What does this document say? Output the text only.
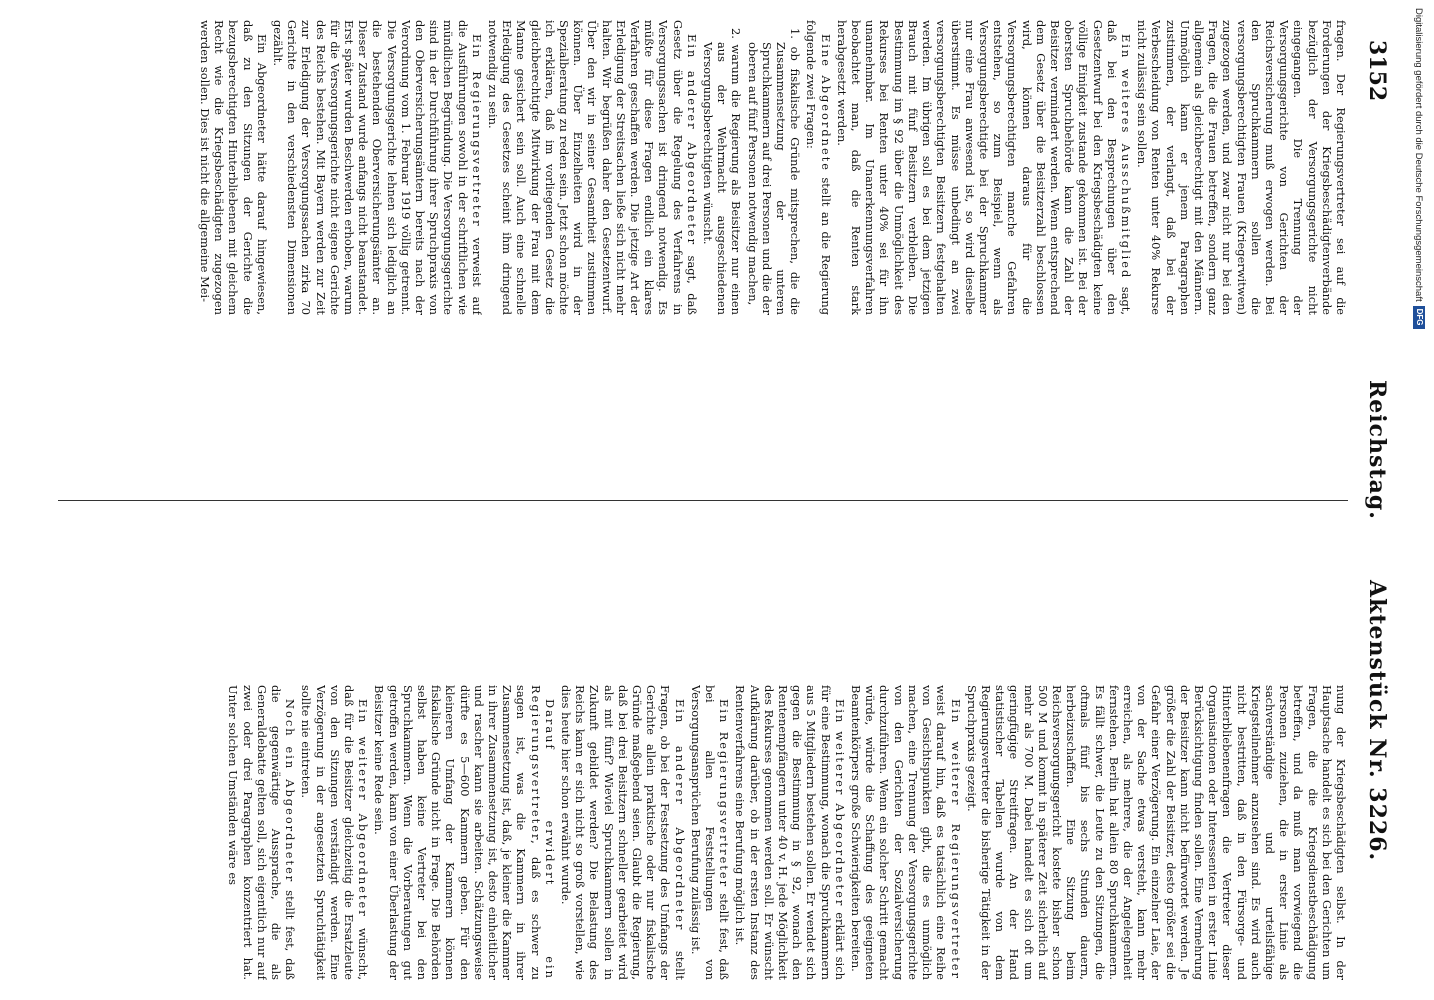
3152
Reichstag.
Aktenstück Nr. 3226.

fragen. Der Regierungsvertreter sei auf die Forderungen der Kriegsbeschädigtenverbände bezüglich der Versorgungsgerichte nicht eingegangen. Die Trennung der Versorgungsgerichte von Gerichten der Reichsversicherung muß erwogen werden. Bei den Spruchkammern sollen die versorgungsberechtigten Frauen (Kriegerwitwen) zugezogen werden, und zwar nicht nur bei den Fragen, die die Frauen betreffen, sondern ganz allgemein als gleichberechtigt mit den Männern. Unmöglich kann er jenem Paragraphen zustimmen, der verlangt, daß bei der Verbescheidung von Renten unter 40% Rekurse nicht zulässig sein sollen.

Ein weiteres Ausschußmitglied sagt, daß bei den Besprechungen über den Gesetzentwurf bei den Kriegsbeschädigten keine völlige Einigkeit zustande gekommen ist. Bei der obersten Spruchbehörde kann die Zahl der Beisitzer vermindert werden. Wenn entsprechend dem Gesetz über die Beisitzerzahl beschlossen wird, können daraus für die Versorgungsberechtigten manche Gefahren entstehen, so zum Beispiel, wenn als Versorgungsberechtigte bei der Spruchkammer nur eine Frau anwesend ist, so wird dieselbe überstimmt. Es müsse unbedingt an zwei versorgungsberechtigten Beisitzern festgehalten werden. Im übrigen soll es bei dem jetzigen Brauch mit fünf Beisitzern verbleiben. Die Bestimmung im § 92 über die Unmöglichkeit des Rekurses bei Renten unter 40% sei für ihn unannehmbar. Im Unanerkennungsverfahren beobachtet man, daß die Renten stark herabgesetzt werden.

Eine Abgeordnete stellt an die Regierung folgende zwei Fragen:

1. ob fiskalische Gründe mitsprechen, die die Zusammensetzung der unteren Spruchkammern auf drei Personen und die der oberen auf fünf Personen notwendig machen,
2. warum die Regierung als Beisitzer nur einen aus der Wehrmacht ausgeschiedenen Versorgungsberechtigten wünscht.

Ein anderer Abgeordneter sagt, daß Gesetz über die Regelung des Verfahrens in Versorgungssachen ist dringend notwendig. Es müßte für diese Fragen endlich ein klares Verfahren geschaffen werden. Die jetzige Art der Erledigung der Streitsachen ließe sich nicht mehr halten. Wir begrüßen daher den Gesetzentwurf. Über den wir in seiner Gesamtheit zustimmen können. Über Einzelheiten wird in der Spezialberatung zu reden sein. Jetzt schon möchte ich erklären, daß im vorliegenden Gesetz die gleichberechtigte Mitwirkung der Frau mit dem Manne gesichert sein soll. Auch eine schnelle Erledigung des Gesetzes scheint ihm dringend notwendig zu sein.

Ein Regierungsvertreter verweist auf die Ausführungen sowohl in der schriftlichen wie mündlichen Begründung. Die Versorgungsgerichte sind in der Durchführung ihrer Spruchpraxis von den Oberversicherungsämtern bereits nach der Verordnung vom 1. Februar 1919 völlig getrennt. Die Versorgungsgerichte lehnen sich lediglich an die bestehenden Oberversicherungsämter an. Dieser Zustand wurde anfangs nicht beanstandet. Erst später wurden Beschwerden erhoben, warum für die Versorgungsgerichte nicht eigene Gerichte des Reichs bestehen. Mit Bayern werden zur Zeit zur Erledigung der Versorgungssachen zirka 70 Gerichte in den verschiedensten Dimensionen gezählt.

Ein Abgeordneter hätte darauf hingewiesen, daß zu den Sitzungen der Gerichte die bezugsberechtigten Hinterbliebenen mit gleichem Recht wie die Kriegsbeschädigten zugezogen werden sollen. Dies ist nicht die allgemeine Mei-

nung der Kriegsbeschädigten selbst. In der Hauptsache handelt es sich bei den Gerichten um Fragen, die die Kriegsdienstbeschädigung betreffen, und da muß man vorwiegend die Personen zuziehen, die in erster Linie als sachverständige und urteilsfähige Kriegsteilnehmer anzusehen sind. Es wird auch nicht bestritten, daß in den Fürsorge- und Hinterbliebenenfragen die Vertreter dieser Organisationen oder Interessenten in erster Linie Berücksichtigung finden sollen. Eine Vermehrung der Beisitzer kann nicht befürwortet werden. Je größer die Zahl der Beisitzer, desto größer sei die Gefahr einer Verzögerung. Ein einzelner Laie, der von der Sache etwas versteht, kann mehr erreichen, als mehrere, die der Angelegenheit fernstehen. Berlin hat allein 80 Spruchkammern. Es fällt schwer, die Leute zu den Sitzungen, die oftmals fünf bis sechs Stunden dauern, herbeizuschaffen. Eine Sitzung beim Reichsversorgungsgericht kostete bisher schon 500 M und kommt in späterer Zeit sicherlich auf mehr als 700 M. Dabei handelt es sich oft um geringfügige Streitfragen. An der Hand statistischer Tabellen wurde von dem Regierungsvertreter die bisherige Tätigkeit in der Spruchpraxis gezeigt.

Ein weiterer Regierungsvertreter weist darauf hin, daß es tatsächlich eine Reihe von Gesichtspunkten gibt, die es unmöglich machen, eine Trennung der Versorgungsgerichte von den Gerichten der Sozialversicherung durchzuführen. Wenn ein solcher Schritt gemacht würde, würde die Schaffung des geeigneten Beamtenkörpers große Schwierigkeiten bereiten.

Ein weiterer Abgeordneter erklärt sich für eine Bestimmung, wonach die Spruchkammern aus 5 Mitgliedern bestehen sollen. Er wendet sich gegen die Bestimmung in § 92, wonach den Rentenempfängern unter 40 v. H. jede Möglichkeit des Rekurses genommen werden soll. Er wünscht Aufklärung darüber, ob in der ersten Instanz des Rentenverfahrens eine Berufung möglich ist.

Ein Regierungsvertreter stellt fest, daß bei allen Feststellungen von Versorgungsansprüchen Berufung zulässig ist.

Ein anderer Abgeordneter stellt Fragen, ob bei der Festsetzung des Umfangs der Gerichte allein praktische oder nur fiskalische Gründe maßgebend seien. Glaubt die Regierung, daß bei drei Beisitzern schneller gearbeitet wird als mit fünf? Wieviel Spruchkammern sollen in Zukunft gebildet werden? Die Belastung des Reichs kann er sich nicht so groß vorstellen, wie dies heute hier schon erwähnt wurde.

Darauf erwidert ein Regierungsvertreter, daß es schwer zu sagen ist, was die Kammern in ihrer Zusammensetzung ist, daß, je kleiner die Kammer in ihrer Zusammensetzung ist, desto einheitlicher und rascher kann sie arbeiten. Schätzungsweise dürfte es 5—600 Kammern geben. Für den kleineren Umfang der Kammern können fiskalische Gründe nicht in Frage. Die Behörden selbst haben keine Vertreter bei den Spruchkammern. Wenn die Vorberatungen gut getroffen werden, kann von einer Überlastung der Beisitzer keine Rede sein.

Ein weiterer Abgeordneter wünscht, daß für die Beisitzer gleichzeitig die Ersatzleute von den Sitzungen verständigt werden. Eine Verzögerung in der angesetzten Spruchtätigkeit sollte nie eintreten.

Noch ein Abgeordneter stellt fest, daß die gegenwärtige Aussprache, die als Generaldebatte gelten soll, sich eigentlich nur auf zwei oder drei Paragraphen konzentriert hat. Unter solchen Umständen wäre es

Digitalisierung gefördert durch die Deutsche Forschungsgemeinschaft
DFG
